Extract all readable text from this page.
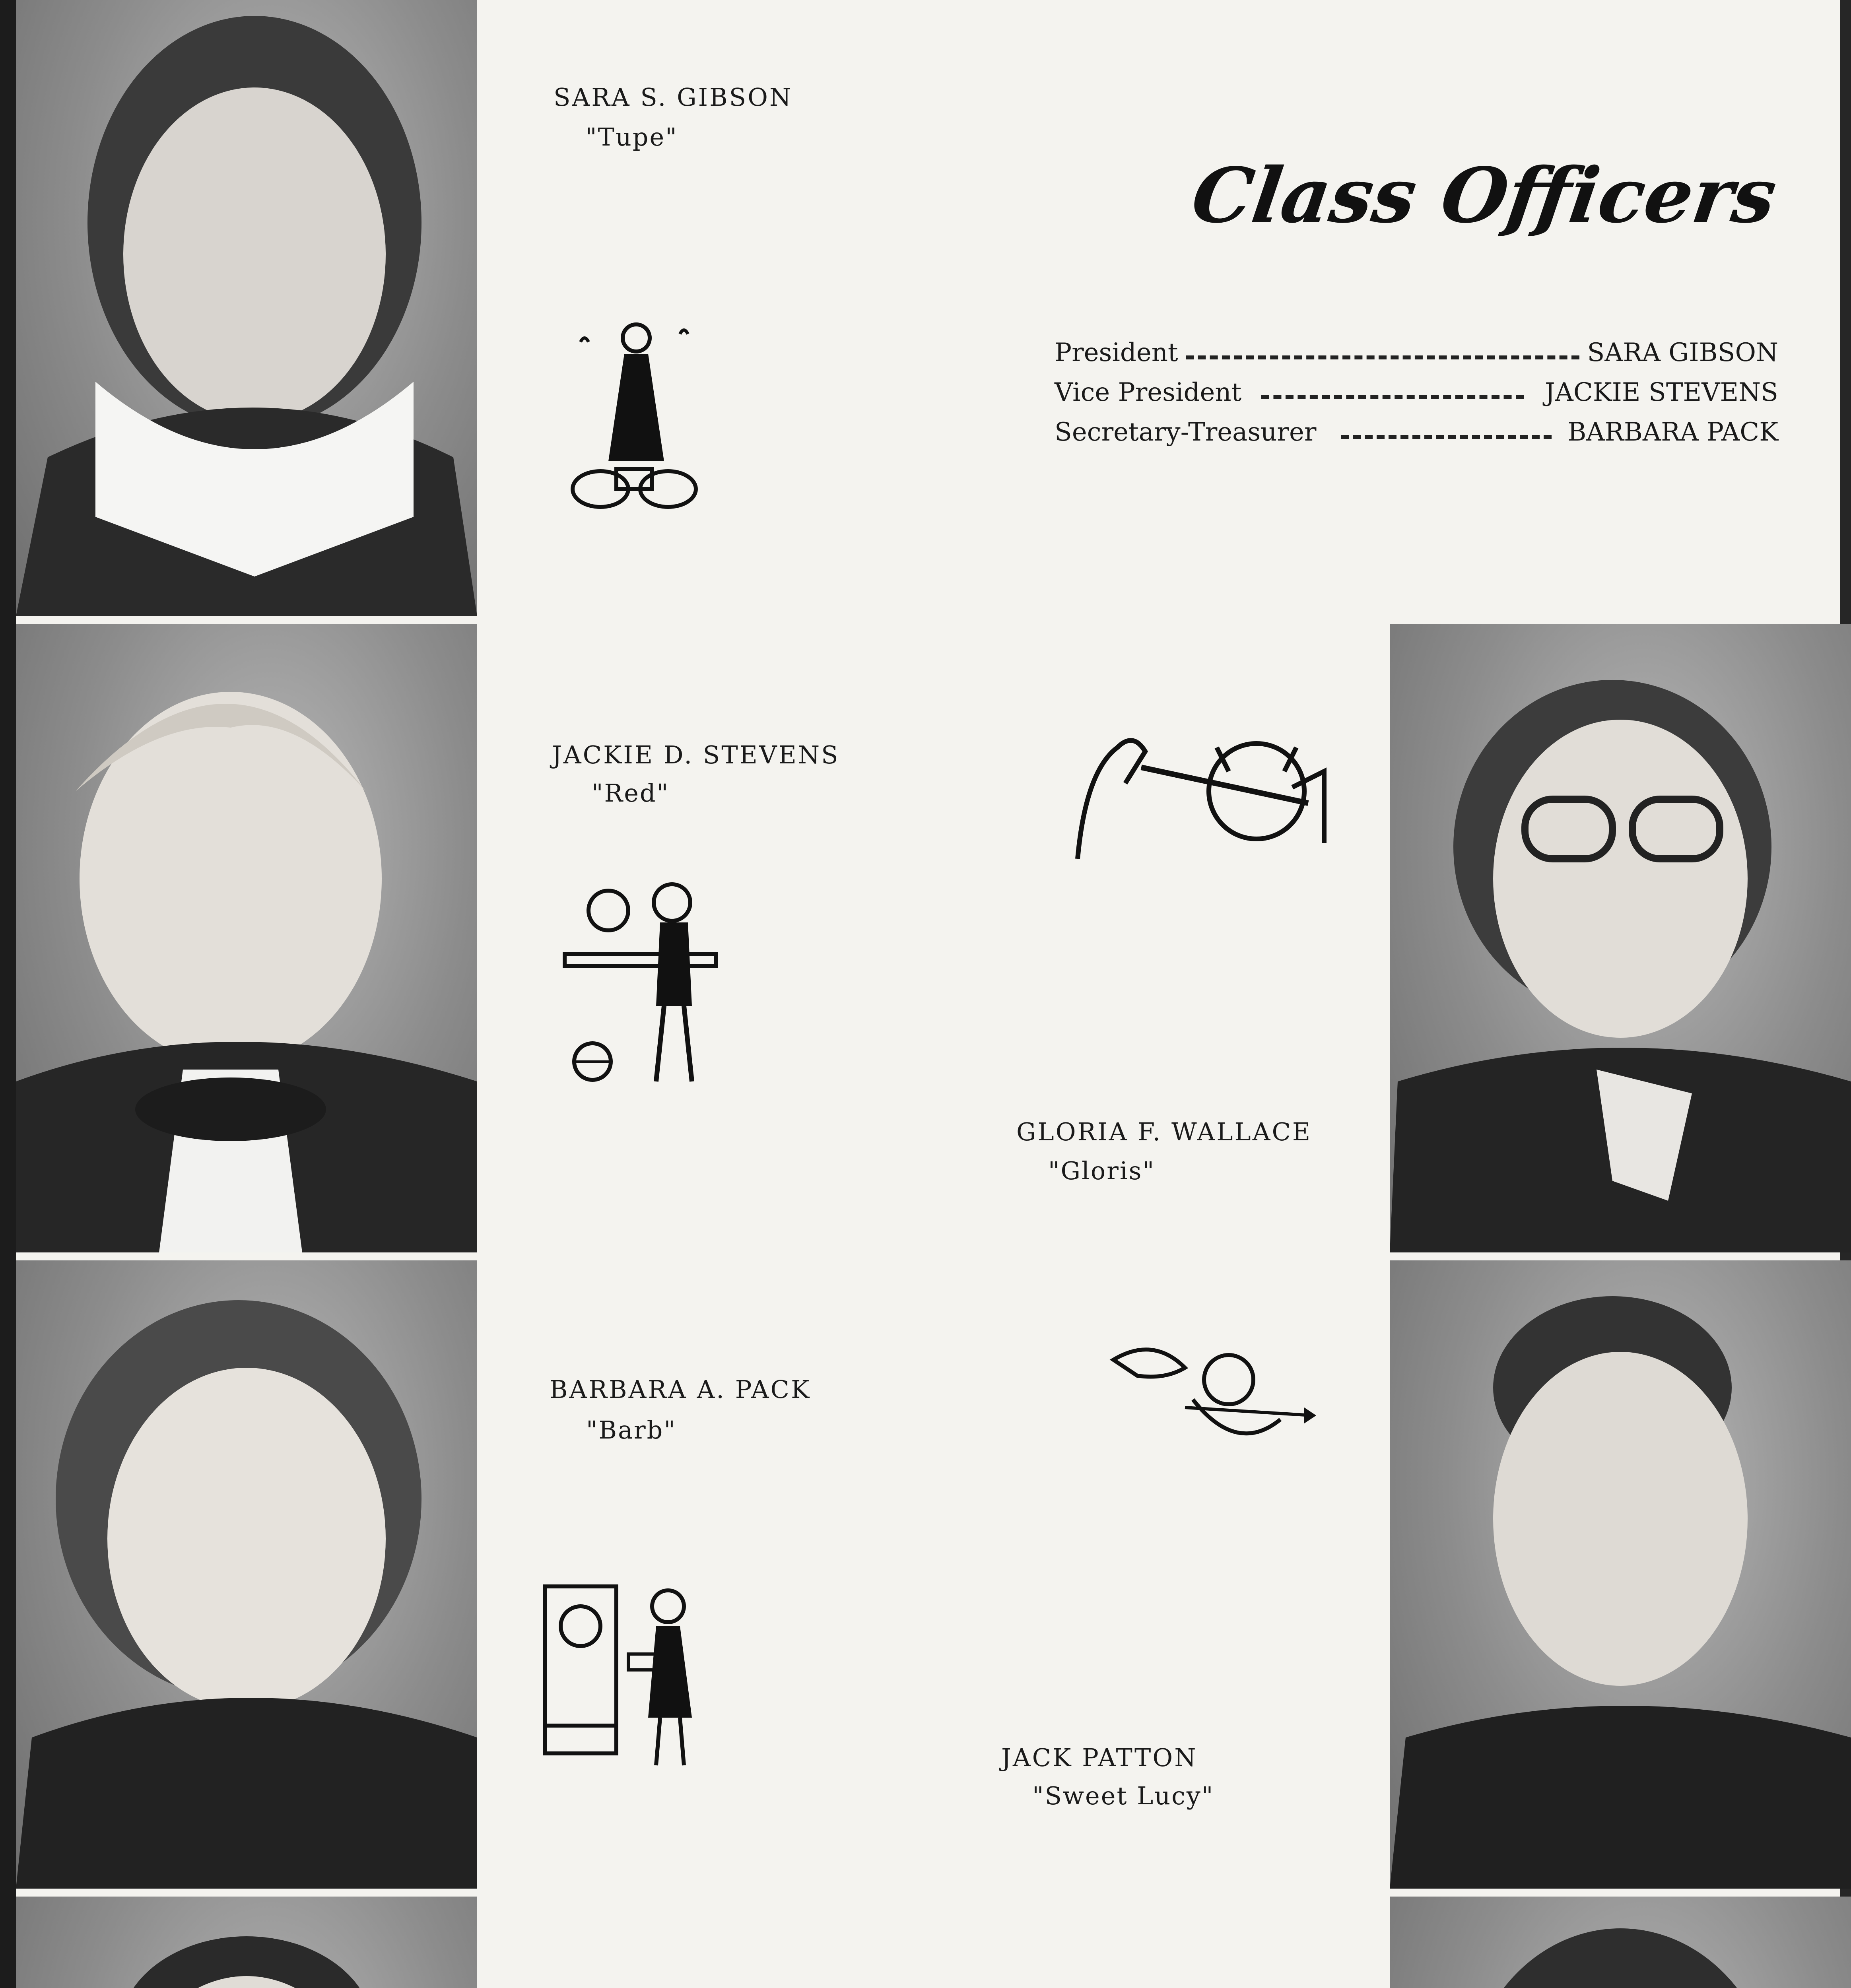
Class Officers
President	SARA GIBSON
Vice President	JACKIE STEVENS
Secretary-Treasurer	BARBARA PACK
SARA S. GIBSON
"Tupe"
JACKIE D. STEVENS
"Red"
BARBARA A. PACK
"Barb"
GLORIA F. WALLACE
"Gloris"
JACK PATTON
"Sweet Lucy"
